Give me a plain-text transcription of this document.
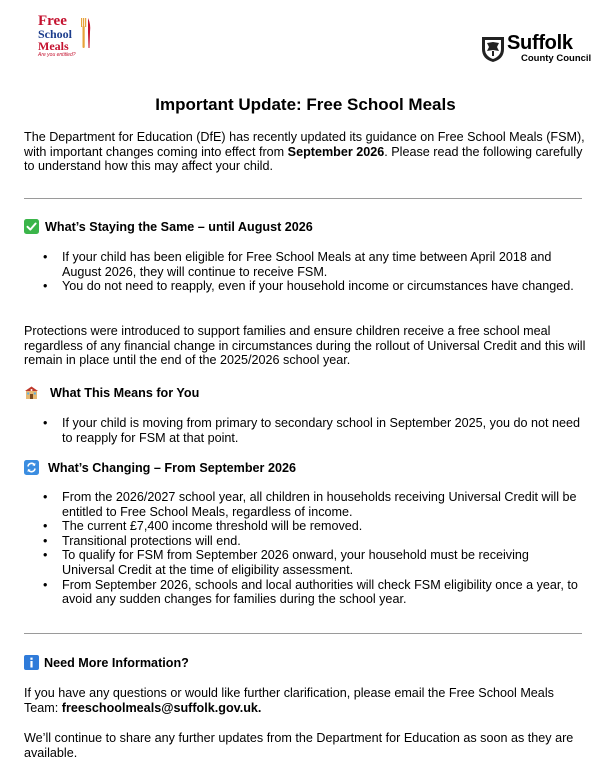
Free
School
Meals
Are you entitled?
Suffolk
County Council
Important Update: Free School Meals
The Department for Education (DfE) has recently updated its guidance on Free School Meals (FSM), with important changes coming into effect from September 2026. Please read the following carefully to understand how this may affect your child.
What’s Staying the Same – until August 2026
• If your child has been eligible for Free School Meals at any time between April 2018 and August 2026, they will continue to receive FSM.
• You do not need to reapply, even if your household income or circumstances have changed.
Protections were introduced to support families and ensure children receive a free school meal regardless of any financial change in circumstances during the rollout of Universal Credit and this will remain in place until the end of the 2025/2026 school year.
What This Means for You
• If your child is moving from primary to secondary school in September 2025, you do not need to reapply for FSM at that point.
What’s Changing – From September 2026
• From the 2026/2027 school year, all children in households receiving Universal Credit will be entitled to Free School Meals, regardless of income.
• The current £7,400 income threshold will be removed.
• Transitional protections will end.
• To qualify for FSM from September 2026 onward, your household must be receiving Universal Credit at the time of eligibility assessment.
• From September 2026, schools and local authorities will check FSM eligibility once a year, to avoid any sudden changes for families during the school year.
Need More Information?
If you have any questions or would like further clarification, please email the Free School Meals Team: freeschoolmeals@suffolk.gov.uk.
We’ll continue to share any further updates from the Department for Education as soon as they are available.
